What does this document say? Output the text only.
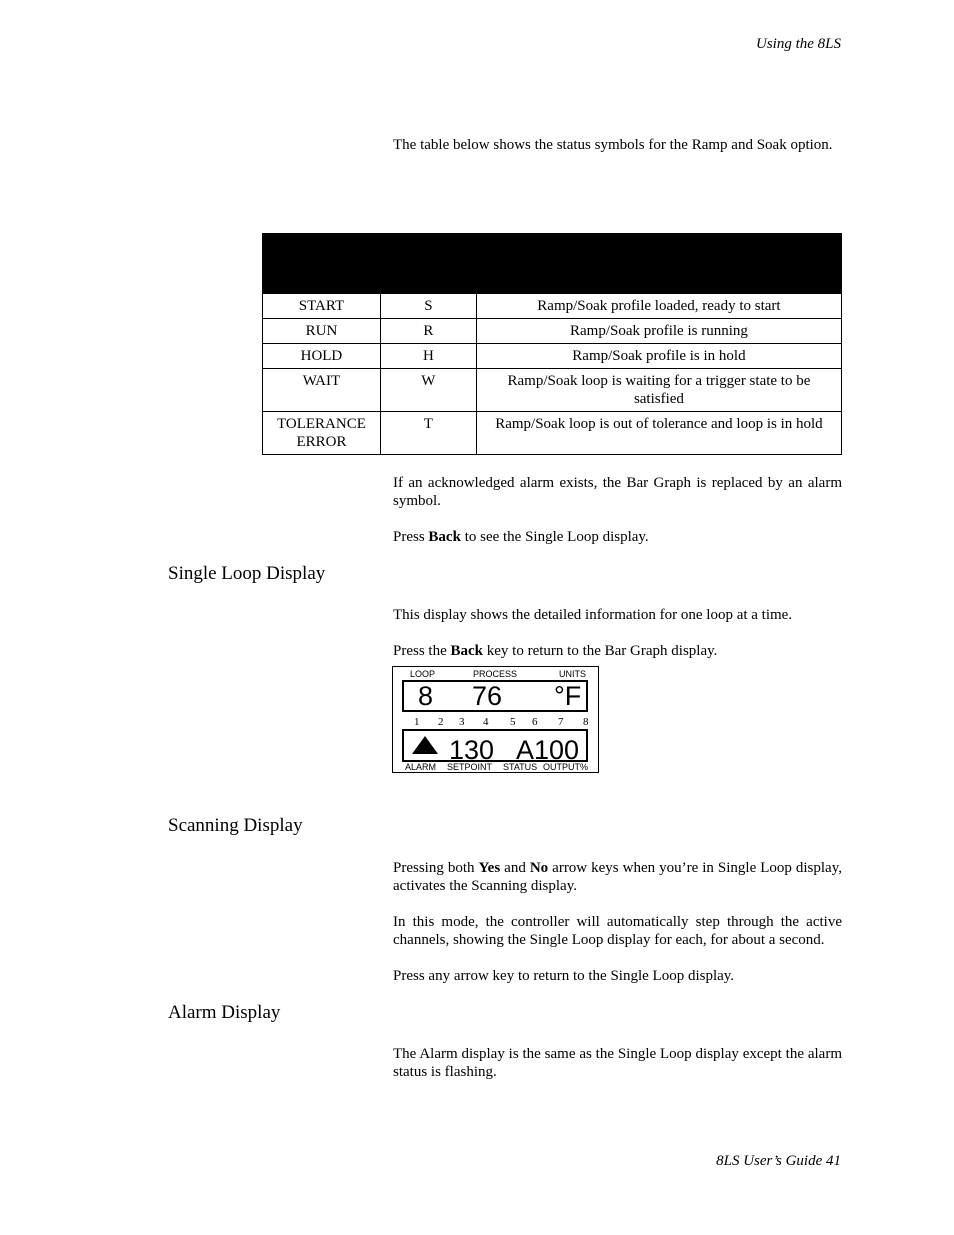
Using the 8LS

The table below shows the status symbols for the Ramp and Soak option.

START	S	Ramp/Soak profile loaded, ready to start
RUN	R	Ramp/Soak profile is running
HOLD	H	Ramp/Soak profile is in hold
WAIT	W	Ramp/Soak loop is waiting for a trigger state to be satisfied
TOLERANCE ERROR	T	Ramp/Soak loop is out of tolerance and loop is in hold

If an acknowledged alarm exists, the Bar Graph is replaced by an alarm symbol.

Press Back to see the Single Loop display.

Single Loop Display

This display shows the detailed information for one loop at a time.

Press the Back key to return to the Bar Graph display.

LOOP	PROCESS	UNITS
8 76 °F
1 2 3 4 5 6 7 8
130 A100
ALARM SETPOINT STATUS OUTPUT%
Scanning Display

Pressing both Yes and No arrow keys when you’re in Single Loop display, activates the Scanning display.

In this mode, the controller will automatically step through the active channels, showing the Single Loop display for each, for about a second.

Press any arrow key to return to the Single Loop display.

Alarm Display

The Alarm display is the same as the Single Loop display except the alarm status is flashing.

8LS User’s Guide 41
